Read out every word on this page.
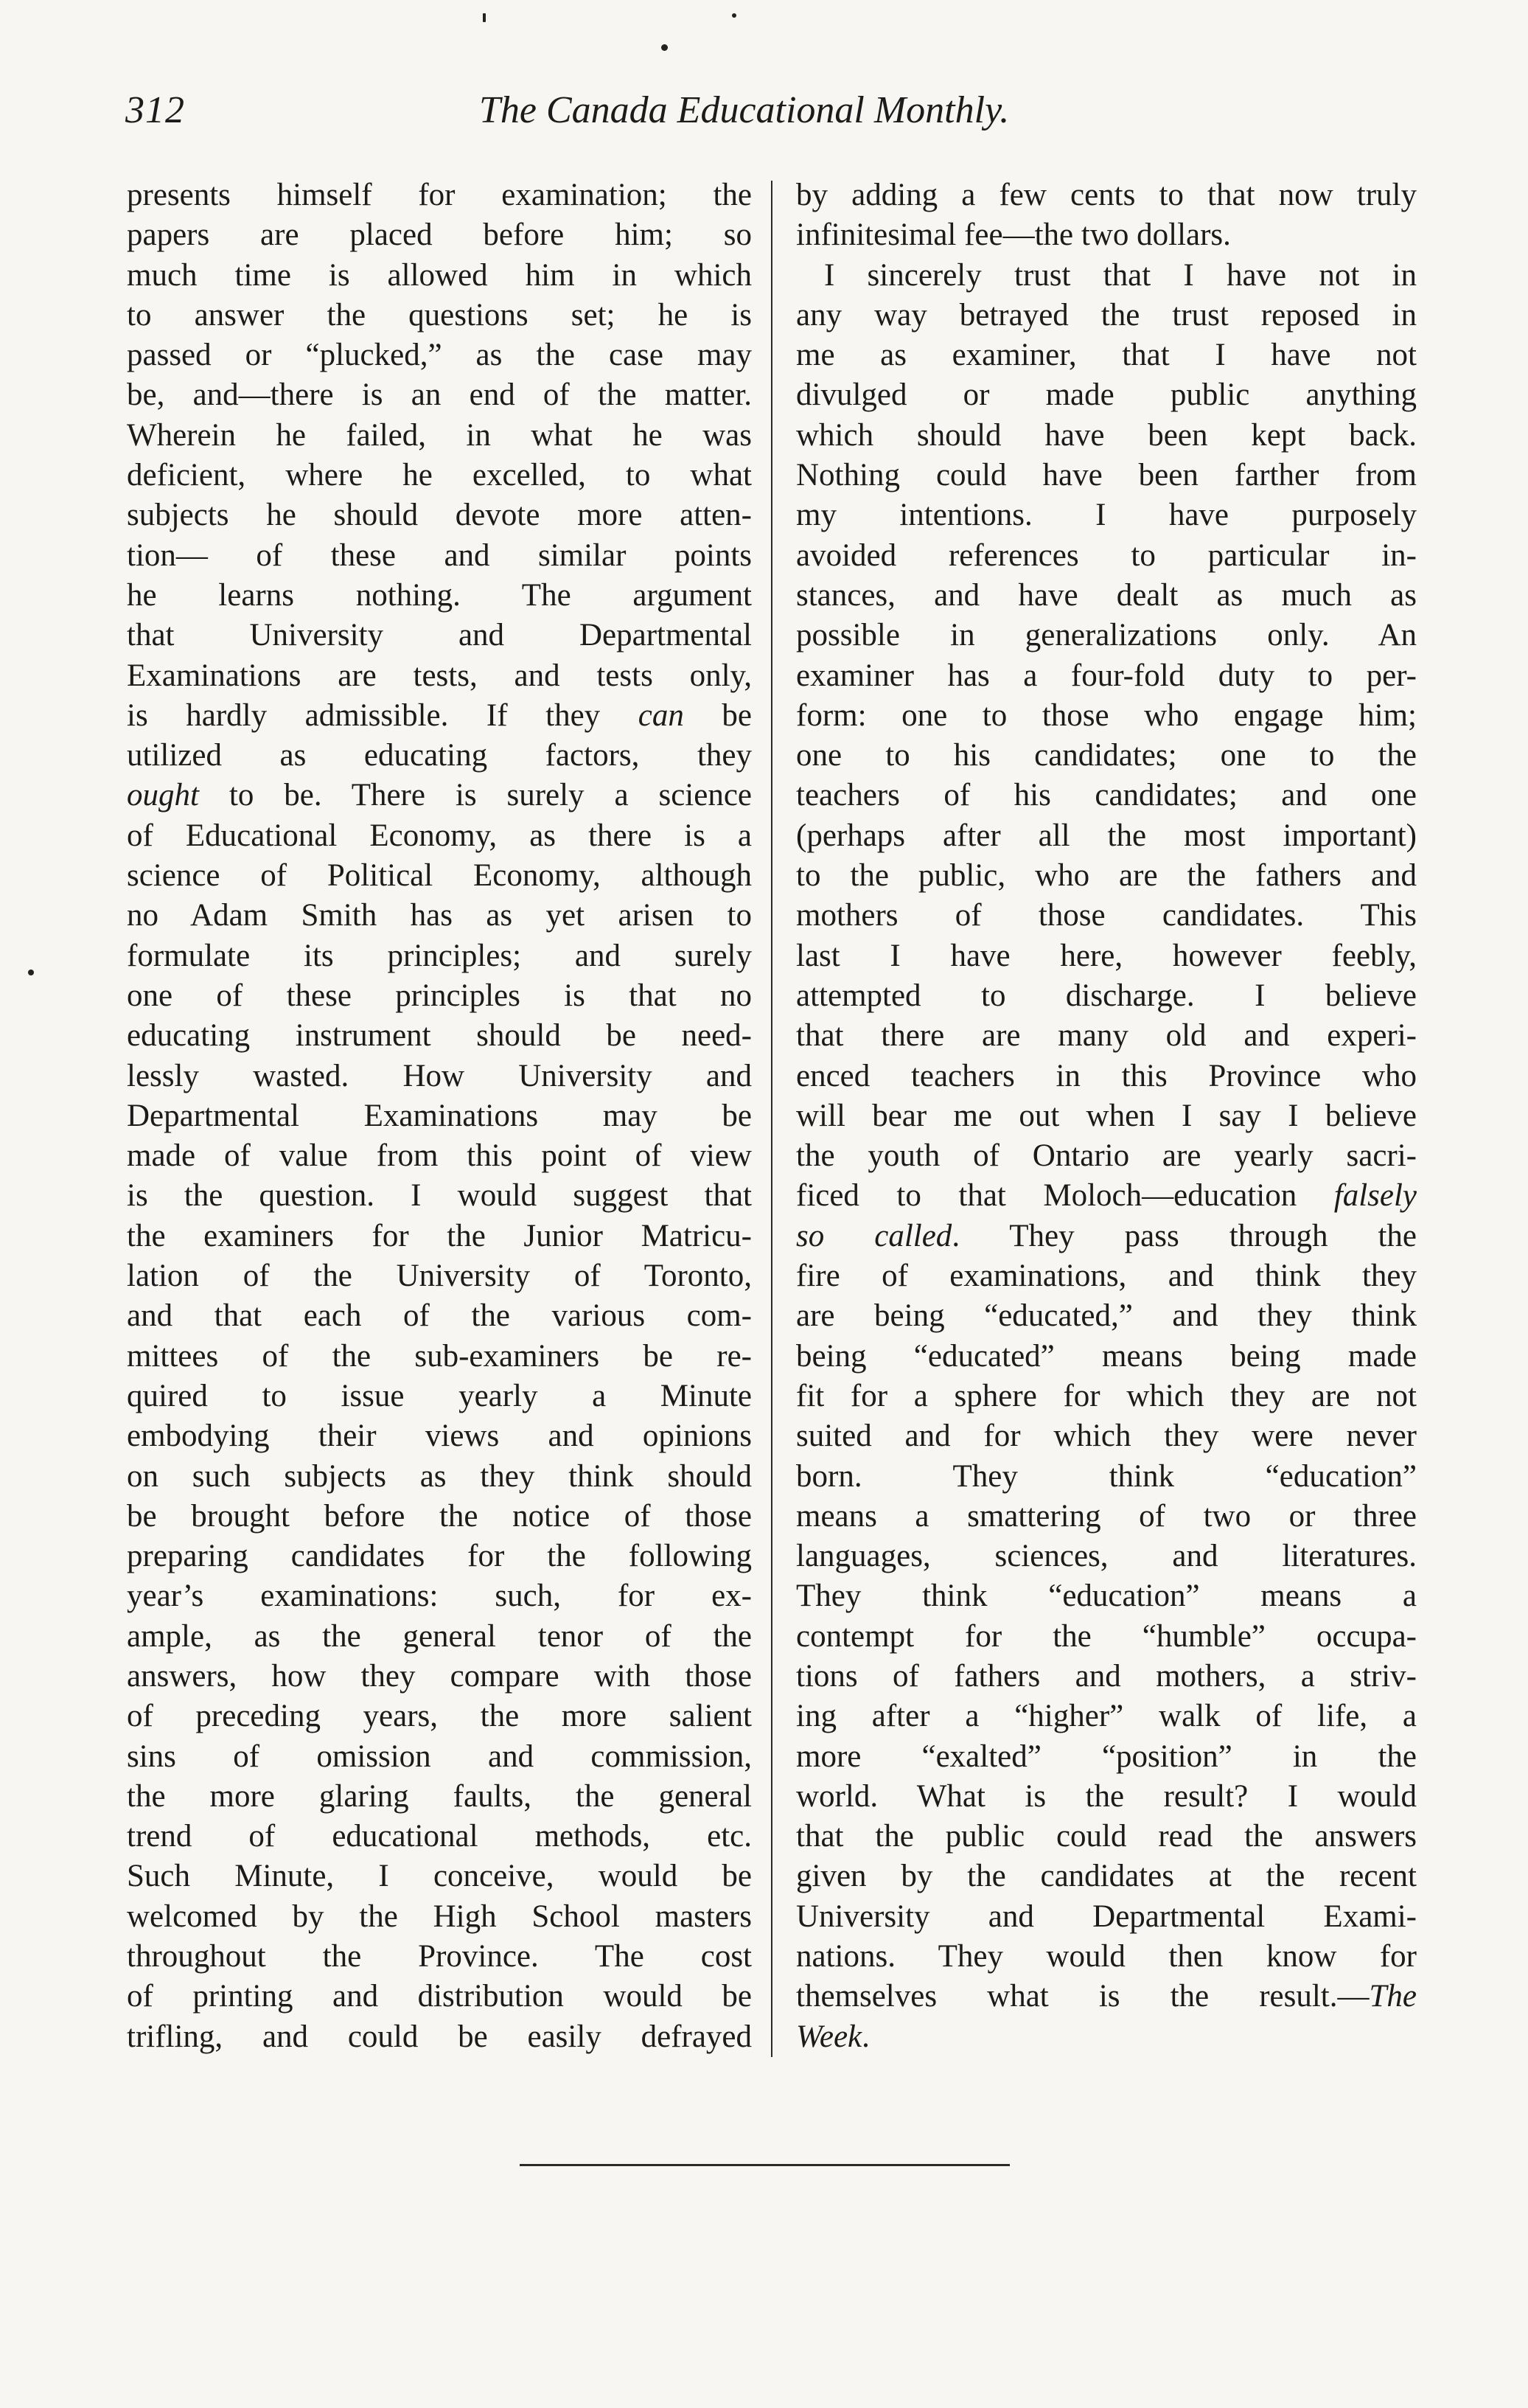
312	The Canada Educational Monthly.
presents himself for examination; the
papers are placed before him; so
much time is allowed him in which
to answer the questions set; he is
passed or “plucked,” as the case may
be, and—there is an end of the matter.
Wherein he failed, in what he was
deficient, where he excelled, to what
subjects he should devote more atten-
tion— of these and similar points
he learns nothing. The argument
that University and Departmental
Examinations are tests, and tests only,
is hardly admissible. If they can be
utilized as educating factors, they
ought to be. There is surely a science
of Educational Economy, as there is a
science of Political Economy, although
no Adam Smith has as yet arisen to
formulate its principles; and surely
one of these principles is that no
educating instrument should be need-
lessly wasted. How University and
Departmental Examinations may be
made of value from this point of view
is the question. I would suggest that
the examiners for the Junior Matricu-
lation of the University of Toronto,
and that each of the various com-
mittees of the sub-examiners be re-
quired to issue yearly a Minute
embodying their views and opinions
on such subjects as they think should
be brought before the notice of those
preparing candidates for the following
year’s examinations: such, for ex-
ample, as the general tenor of the
answers, how they compare with those
of preceding years, the more salient
sins of omission and commission,
the more glaring faults, the general
trend of educational methods, etc.
Such Minute, I conceive, would be
welcomed by the High School masters
throughout the Province. The cost
of printing and distribution would be
trifling, and could be easily defrayed
by adding a few cents to that now truly
infinitesimal fee—the two dollars.
I sincerely trust that I have not in
any way betrayed the trust reposed in
me as examiner, that I have not
divulged or made public anything
which should have been kept back.
Nothing could have been farther from
my intentions. I have purposely
avoided references to particular in-
stances, and have dealt as much as
possible in generalizations only. An
examiner has a four-fold duty to per-
form: one to those who engage him;
one to his candidates; one to the
teachers of his candidates; and one
(perhaps after all the most important)
to the public, who are the fathers and
mothers of those candidates. This
last I have here, however feebly,
attempted to discharge. I believe
that there are many old and experi-
enced teachers in this Province who
will bear me out when I say I believe
the youth of Ontario are yearly sacri-
ficed to that Moloch—education falsely
so called. They pass through the
fire of examinations, and think they
are being “educated,” and they think
being “educated” means being made
fit for a sphere for which they are not
suited and for which they were never
born. They think “education”
means a smattering of two or three
languages, sciences, and literatures.
They think “education” means a
contempt for the “humble” occupa-
tions of fathers and mothers, a striv-
ing after a “higher” walk of life, a
more “exalted” “position” in the
world. What is the result? I would
that the public could read the answers
given by the candidates at the recent
University and Departmental Exami-
nations. They would then know for
themselves what is the result.—The
Week.
